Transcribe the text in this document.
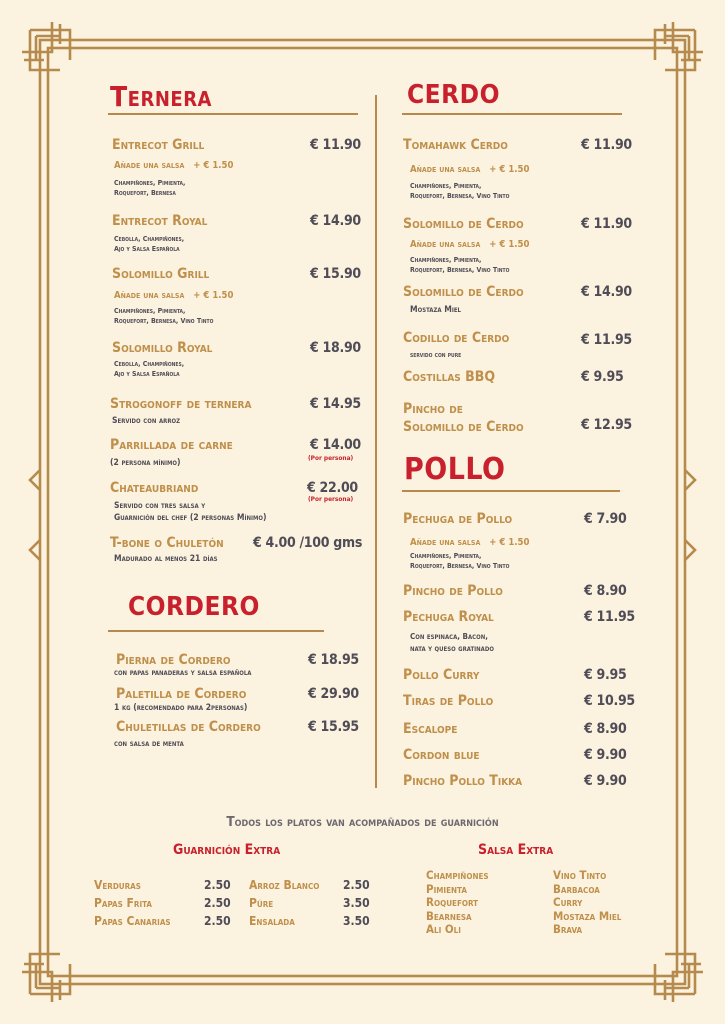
Ternera
Entrecot Grill	€ 11.90
Añade una salsa + € 1.50
Champiñones, Pimienta,
Roquefort, Bernesa
Entrecot Royal	€ 14.90
Cebolla, Champiñones,
Ajo y Salsa Española
Solomillo Grill	€ 15.90
Añade una salsa + € 1.50
Champiñones, Pimienta,
Roquefort, Bernesa, Vino Tinto
Solomillo Royal	€ 18.90
Cebolla, Champiñones,
Ajo y Salsa Española
Strogonoff de ternera	€ 14.95
Servido con arroz
Parrillada de carne	€ 14.00
(Por persona)
(2 persona mínimo)
Chateaubriand	€ 22.00
(Por persona)
Servido con tres salsa y
Guarnición del chef (2 personas Mínimo)
T-bone o Chuletón € 4.00 /100 gms
Madurado al menos 21 días
CORDERO
Pierna de Cordero	€ 18.95
con papas panaderas y salsa española
Paletilla de Cordero	€ 29.90
1 kg (recomendado para 2personas)
Chuletillas de Cordero	€ 15.95
con salsa de menta
CERDO
Tomahawk Cerdo	€ 11.90
Añade una salsa + € 1.50
Champiñones, Pimienta,
Roquefort, Bernesa, Vino Tinto
Solomillo de Cerdo	€ 11.90
Añade una salsa + € 1.50
Champiñones, Pimienta,
Roquefort, Bernesa, Vino Tinto
Solomillo de Cerdo	€ 14.90
Mostaza Miel
Codillo de Cerdo	€ 11.95
servido con pure
Costillas BBQ	€ 9.95
Pincho de
Solomillo de Cerdo	€ 12.95
POLLO
Pechuga de Pollo	€ 7.90
Añade una salsa + € 1.50
Champiñones, Pimienta,
Roquefort, Bernesa, Vino Tinto
Pincho de Pollo	€ 8.90
Pechuga Royal	€ 11.95
Con espinaca, Bacon,
nata y queso gratinado
Pollo Curry	€ 9.95
Tiras de Pollo	€ 10.95
Escalope	€ 8.90
Cordon blue	€ 9.90
Pincho Pollo Tikka	€ 9.90
Todos los platos van acompañados de guarnición
Guarnición Extra
Verduras	2.50
Papas Frita	2.50
Papas Canarias	2.50
Arroz Blanco 2.50
Púre	3.50
Ensalada	3.50
Salsa Extra
Champiñones
Pimienta
Roquefort
Bearnesa
Ali Oli
Vino Tinto
Barbacoa
Curry
Mostaza Miel
Brava
